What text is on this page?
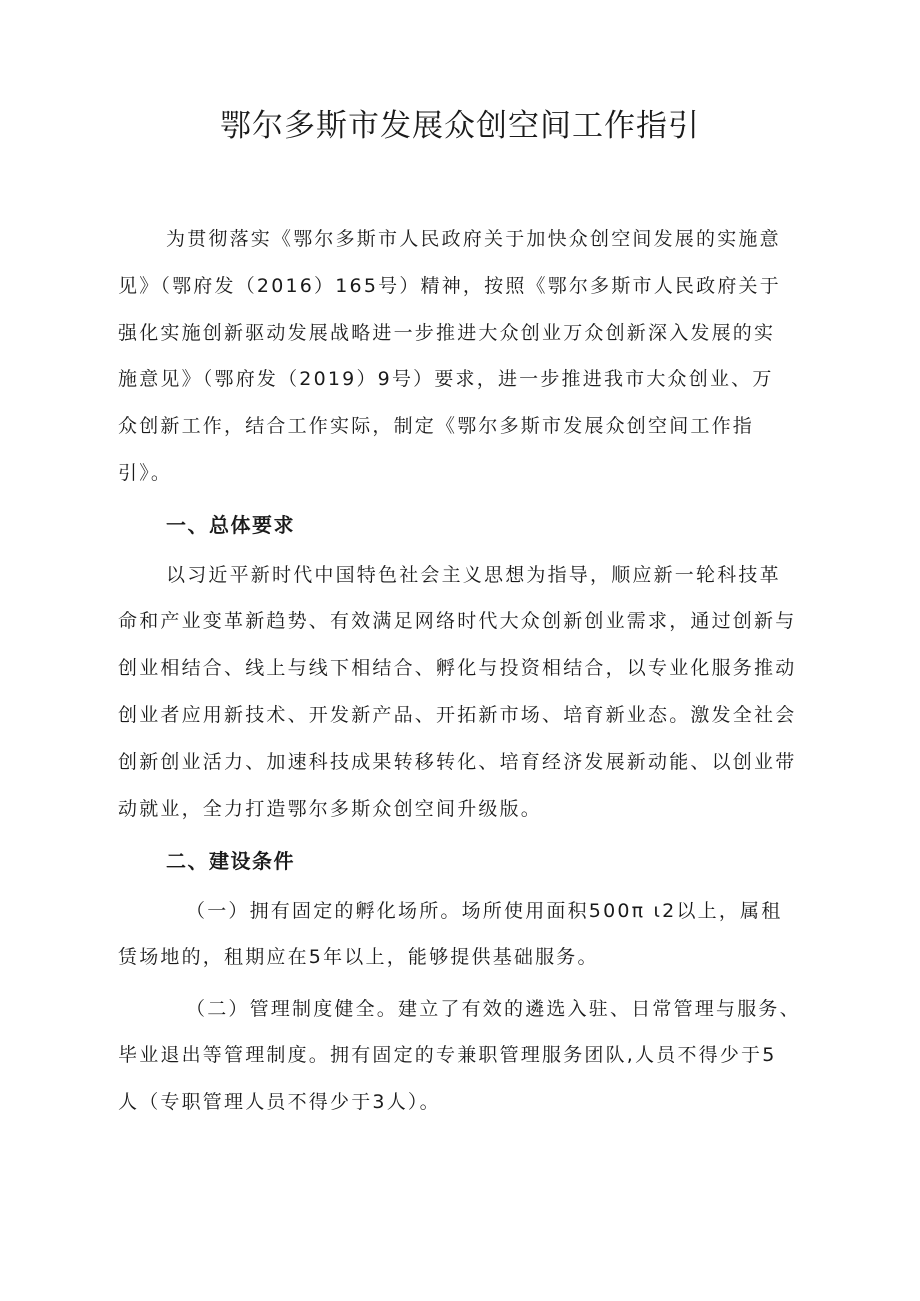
鄂尔多斯市发展众创空间工作指引

为贯彻落实《鄂尔多斯市人民政府关于加快众创空间发展的实施意

见》（鄂府发（2016）165号）精神，按照《鄂尔多斯市人民政府关于

强化实施创新驱动发展战略进一步推进大众创业万众创新深入发展的实

施意见》（鄂府发（2019）9号）要求，进一步推进我市大众创业、万

众创新工作，结合工作实际，制定《鄂尔多斯市发展众创空间工作指

引》。

一、总体要求

以习近平新时代中国特色社会主义思想为指导，顺应新一轮科技革

命和产业变革新趋势、有效满足网络时代大众创新创业需求，通过创新与

创业相结合、线上与线下相结合、孵化与投资相结合，以专业化服务推动

创业者应用新技术、开发新产品、开拓新市场、培育新业态。激发全社会

创新创业活力、加速科技成果转移转化、培育经济发展新动能、以创业带

动就业，全力打造鄂尔多斯众创空间升级版。

二、建设条件

（一）拥有固定的孵化场所。场所使用面积500π ι2以上，属租

赁场地的，租期应在5年以上，能够提供基础服务。

（二）管理制度健全。建立了有效的遴选入驻、日常管理与服务、

毕业退出等管理制度。拥有固定的专兼职管理服务团队,人员不得少于5

人（专职管理人员不得少于3人）。
